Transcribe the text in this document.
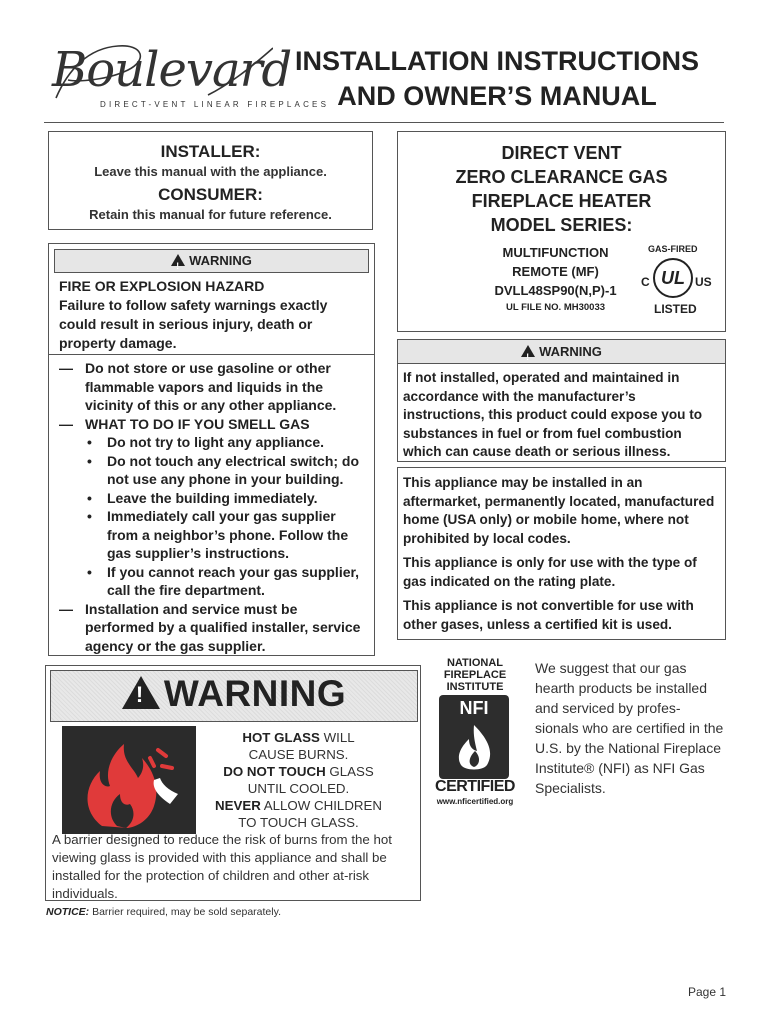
Boulevard
DIRECT-VENT LINEAR FIREPLACES
INSTALLATION INSTRUCTIONS
AND OWNER’S MANUAL
INSTALLER:
Leave this manual with the appliance.
CONSUMER:
Retain this manual for future reference.
!WARNING
FIRE OR EXPLOSION HAZARD
Failure to follow safety warnings exactly could result in serious injury, death or property damage.
— Do not store or use gasoline or other flammable vapors and liquids in the vicinity of this or any other appliance.
— WHAT TO DO IF YOU SMELL GAS
• Do not try to light any appliance.
• Do not touch any electrical switch; do not use any phone in your building.
• Leave the building immediately.
• Immediately call your gas supplier from a neighbor’s phone. Follow the gas supplier’s instructions.
• If you cannot reach your gas supplier, call the fire department.
— Installation and service must be performed by a qualified installer, service agency or the gas supplier.
DIRECT VENT
ZERO CLEARANCE GAS
FIREPLACE HEATER
MODEL SERIES:
MULTIFUNCTION
REMOTE (MF)
DVLL48SP90(N,P)-1
UL FILE NO. MH30033
GAS-FIRED
C UL US
LISTED
!WARNING
If not installed, operated and maintained in accordance with the manufacturer’s instructions, this product could expose you to substances in fuel or from fuel combustion which can cause death or serious illness.
This appliance may be installed in an aftermarket, permanently located, manufactured home (USA only) or mobile home, where not prohibited by local codes.
This appliance is only for use with the type of gas indicated on the rating plate.
This appliance is not convertible for use with other gases, unless a certified kit is used.
NATIONAL
FIREPLACE
INSTITUTE
NFI
CERTIFIED
www.nficertified.org
We suggest that our gas hearth products be installed and serviced by profes- sionals who are certified in the U.S. by the National Fireplace Institute® (NFI) as NFI Gas Specialists.
!WARNING
HOT GLASS WILL
CAUSE BURNS.
DO NOT TOUCH GLASS
UNTIL COOLED.
NEVER ALLOW CHILDREN
TO TOUCH GLASS.
A barrier designed to reduce the risk of burns from the hot viewing glass is provided with this appliance and shall be installed for the protection of children and other at-risk individuals.
NOTICE: Barrier required, may be sold separately.
Page 1
